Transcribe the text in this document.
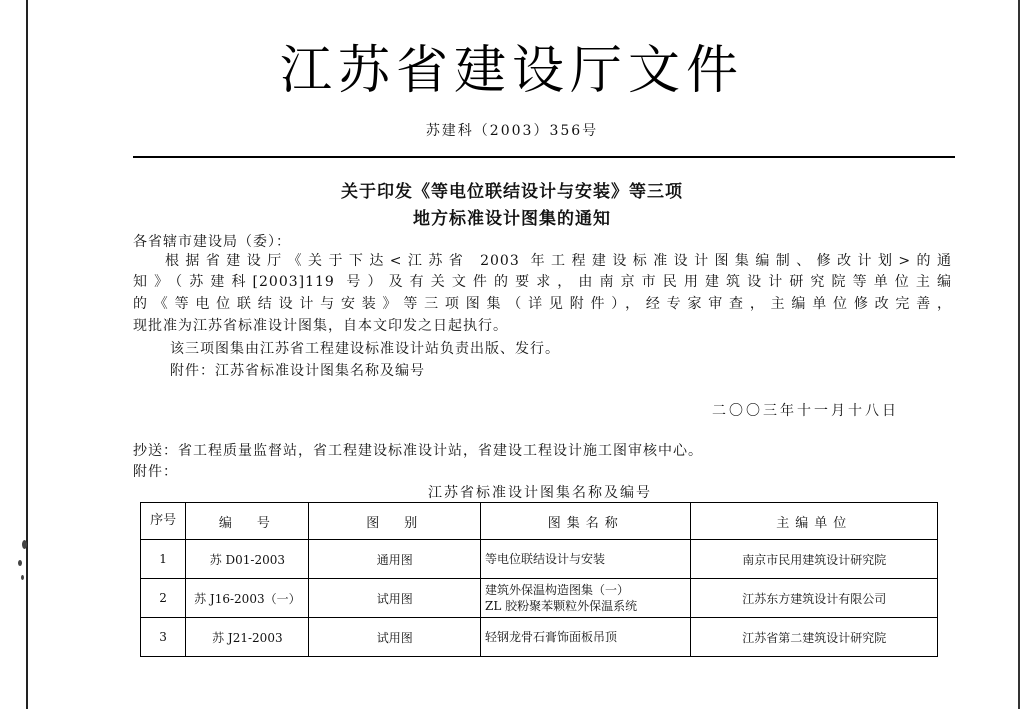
江苏省建设厅文件
苏建科（2003）356号
关于印发《等电位联结设计与安装》等三项
地方标准设计图集的通知
各省辖市建设局（委）：
根据省建设厅《关于下达<江苏省 2003 年工程建设标准设计图集编制、修改计划>的通
知》（苏建科[2003]119 号）及有关文件的要求，由南京市民用建筑设计研究院等单位主编
的《等电位联结设计与安装》等三项图集（详见附件），经专家审查，主编单位修改完善，
现批准为江苏省标准设计图集，自本文印发之日起执行。
该三项图集由江苏省工程建设标准设计站负责出版、发行。
附件：江苏省标准设计图集名称及编号
二〇〇三年十一月十八日
抄送：省工程质量监督站，省工程建设标准设计站，省建设工程设计施工图审核中心。
附件：
江苏省标准设计图集名称及编号
序号	编　号	图　别	图集名称	主编单位
1	苏 D01-2003	通用图	等电位联结设计与安装	南京市民用建筑设计研究院
2	苏 J16-2003（一）	试用图	建筑外保温构造图集（一）
ZL 胶粉聚苯颗粒外保温系统	江苏东方建筑设计有限公司
3	苏 J21-2003	试用图	轻钢龙骨石膏饰面板吊顶	江苏省第二建筑设计研究院
